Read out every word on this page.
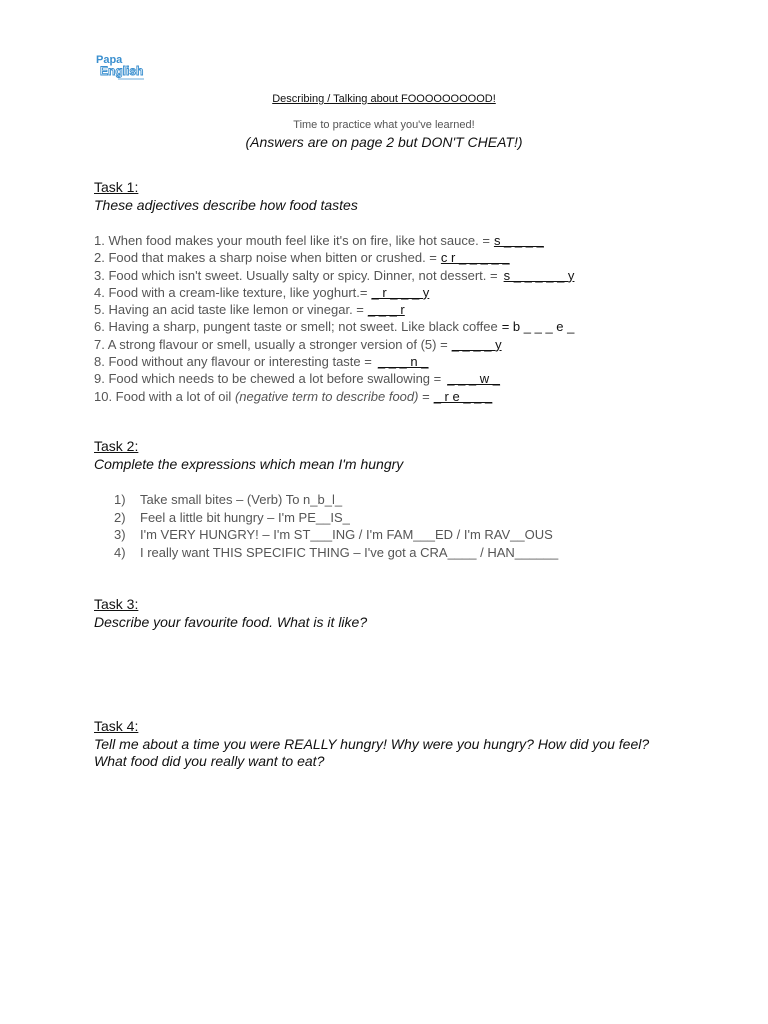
Papa
English
Describing / Talking about FOOOOOOOOOD!
Time to practice what you've learned!
(Answers are on page 2 but DON'T CHEAT!)
Task 1:
These adjectives describe how food tastes
1. When food makes your mouth feel like it's on fire, like hot sauce. = s _ _ _ _
2. Food that makes a sharp noise when bitten or crushed. = c r _ _ _ _ _
3. Food which isn't sweet. Usually salty or spicy. Dinner, not dessert. = s _ _ _ _ _ y
4. Food with a cream-like texture, like yoghurt.= _ r _ _ _ y
5. Having an acid taste like lemon or vinegar. = _ _ _ r
6. Having a sharp, pungent taste or smell; not sweet. Like black coffee = b _ _ _ e _
7. A strong flavour or smell, usually a stronger version of (5) = _ _ _ _ y
8. Food without any flavour or interesting taste = _ _ _ n _
9. Food which needs to be chewed a lot before swallowing = _ _ _ w _
10. Food with a lot of oil (negative term to describe food) = _ r e _ _ _
Task 2:
Complete the expressions which mean I'm hungry
1) Take small bites – (Verb) To n_b_l_
2) Feel a little bit hungry – I'm PE__IS_
3) I'm VERY HUNGRY! – I'm ST___ING / I'm FAM___ED / I'm RAV__OUS
4) I really want THIS SPECIFIC THING – I've got a CRA____ / HAN______
Task 3:
Describe your favourite food. What is it like?
Task 4:
Tell me about a time you were REALLY hungry! Why were you hungry? How did you feel?
What food did you really want to eat?
